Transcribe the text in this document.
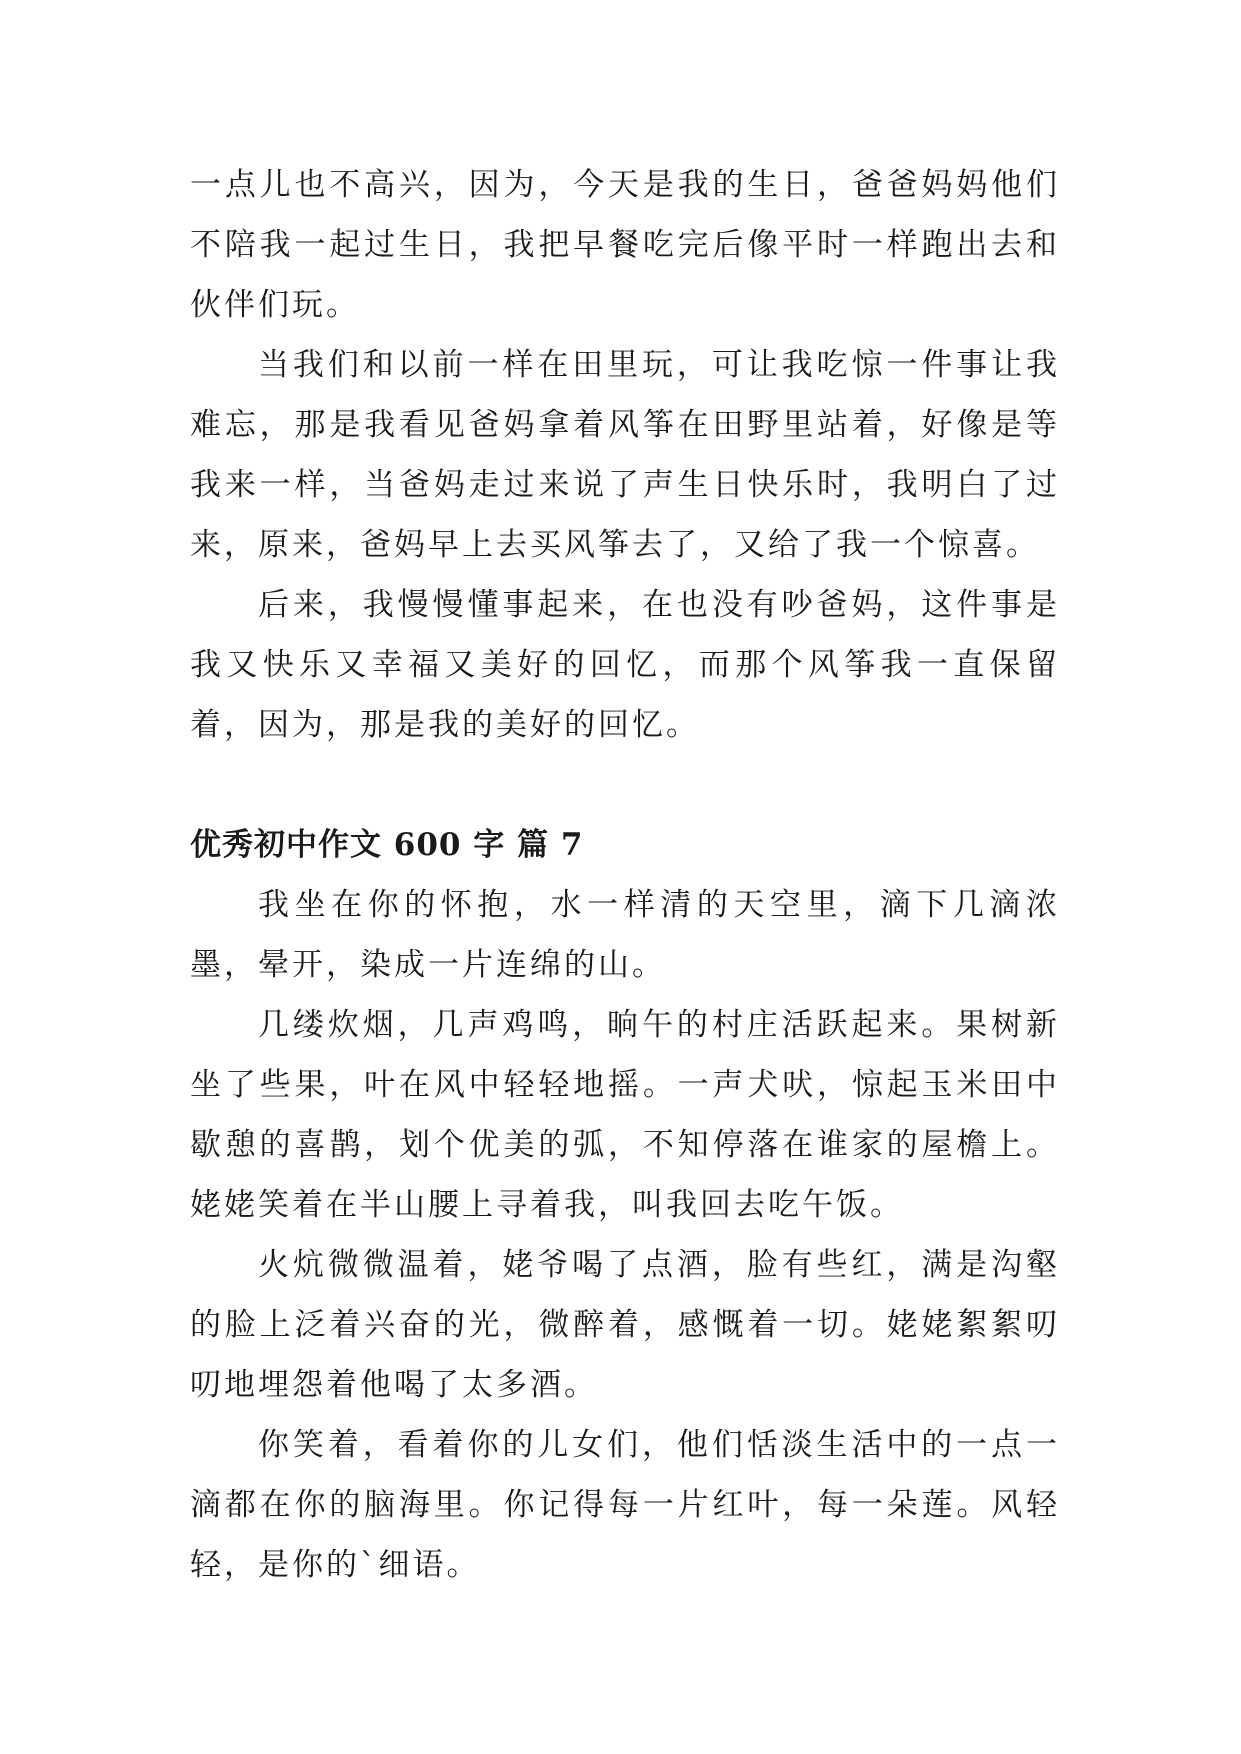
一点儿也不高兴，因为，今天是我的生日，爸爸妈妈他们不陪我一起过生日，我把早餐吃完后像平时一样跑出去和伙伴们玩。

当我们和以前一样在田里玩，可让我吃惊一件事让我难忘，那是我看见爸妈拿着风筝在田野里站着，好像是等我来一样，当爸妈走过来说了声生日快乐时，我明白了过来，原来，爸妈早上去买风筝去了，又给了我一个惊喜。

后来，我慢慢懂事起来，在也没有吵爸妈，这件事是我又快乐又幸福又美好的回忆，而那个风筝我一直保留着，因为，那是我的美好的回忆。

优秀初中作文 600 字 篇 7

我坐在你的怀抱，水一样清的天空里，滴下几滴浓墨，晕开，染成一片连绵的山。

几缕炊烟，几声鸡鸣，晌午的村庄活跃起来。果树新坐了些果，叶在风中轻轻地摇。一声犬吠，惊起玉米田中歇憩的喜鹊，划个优美的弧，不知停落在谁家的屋檐上。姥姥笑着在半山腰上寻着我，叫我回去吃午饭。

火炕微微温着，姥爷喝了点酒，脸有些红，满是沟壑的脸上泛着兴奋的光，微醉着，感慨着一切。姥姥絮絮叨叨地埋怨着他喝了太多酒。

你笑着，看着你的儿女们，他们恬淡生活中的一点一滴都在你的脑海里。你记得每一片红叶，每一朵莲。风轻轻，是你的`细语。
